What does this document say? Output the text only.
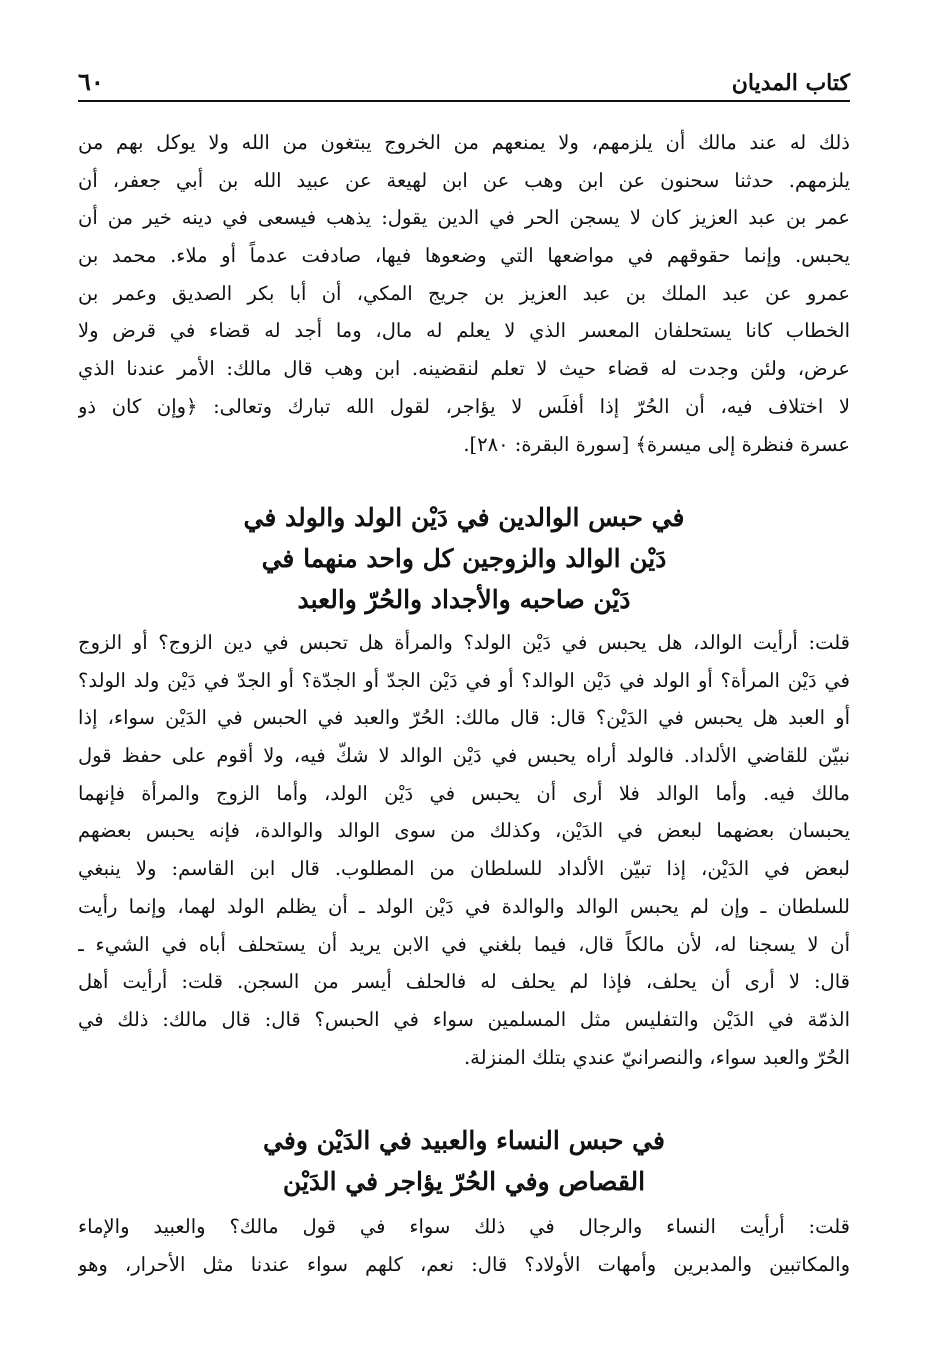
كتاب المديان
٦٠
ذلك له عند مالك أن يلزمهم، ولا يمنعهم من الخروج يبتغون من الله ولا يوكل بهم من
يلزمهم. حدثنا سحنون عن ابن وهب عن ابن لهيعة عن عبيد الله بن أبي جعفر، أن
عمر بن عبد العزيز كان لا يسجن الحر في الدين يقول: يذهب فيسعى في دينه خير من أن
يحبس. وإنما حقوقهم في مواضعها التي وضعوها فيها، صادفت عدماً أو ملاء. محمد بن
عمرو عن عبد الملك بن عبد العزيز بن جريج المكي، أن أبا بكر الصديق وعمر بن
الخطاب كانا يستحلفان المعسر الذي لا يعلم له مال، وما أجد له قضاء في قرض ولا
عرض، ولئن وجدت له قضاء حيث لا تعلم لنقضينه. ابن وهب قال مالك: الأمر عندنا الذي
لا اختلاف فيه، أن الحُرّ إذا أفلَس لا يؤاجر، لقول الله تبارك وتعالى: ﴿وإن كان ذو
عسرة فنظرة إلى ميسرة﴾ [سورة البقرة: ٢٨٠].
في حبس الوالدين في دَيْن الولد والولد في
دَيْن الوالد والزوجين كل واحد منهما في
دَيْن صاحبه والأجداد والحُرّ والعبد
قلت: أرأيت الوالد، هل يحبس في دَيْن الولد؟ والمرأة هل تحبس في دين الزوج؟ أو الزوج
في دَيْن المرأة؟ أو الولد في دَيْن الوالد؟ أو في دَيْن الجدّ أو الجدّة؟ أو الجدّ في دَيْن ولد الولد؟
أو العبد هل يحبس في الدَيْن؟ قال: قال مالك: الحُرّ والعبد في الحبس في الدَيْن سواء، إذا
نبيّن للقاضي الألداد. فالولد أراه يحبس في دَيْن الوالد لا شكّ فيه، ولا أقوم على حفظ قول
مالك فيه. وأما الوالد فلا أرى أن يحبس في دَيْن الولد، وأما الزوج والمرأة فإنهما
يحبسان بعضهما لبعض في الدَيْن، وكذلك من سوى الوالد والوالدة، فإنه يحبس بعضهم
لبعض في الدَيْن، إذا تبيّن الألداد للسلطان من المطلوب. قال ابن القاسم: ولا ينبغي
للسلطان ـ وإن لم يحبس الوالد والوالدة في دَيْن الولد ـ أن يظلم الولد لهما، وإنما رأيت
أن لا يسجنا له، لأن مالكاً قال، فيما بلغني في الابن يريد أن يستحلف أباه في الشيء ـ
قال: لا أرى أن يحلف، فإذا لم يحلف له فالحلف أيسر من السجن. قلت: أرأيت أهل
الذمّة في الدَيْن والتفليس مثل المسلمين سواء في الحبس؟ قال: قال مالك: ذلك في
الحُرّ والعبد سواء، والنصرانيّ عندي بتلك المنزلة.
في حبس النساء والعبيد في الدَيْن وفي
القصاص وفي الحُرّ يؤاجر في الدَيْن
قلت: أرأيت النساء والرجال في ذلك سواء في قول مالك؟ والعبيد والإماء
والمكاتبين والمدبرين وأمهات الأولاد؟ قال: نعم، كلهم سواء عندنا مثل الأحرار، وهو
